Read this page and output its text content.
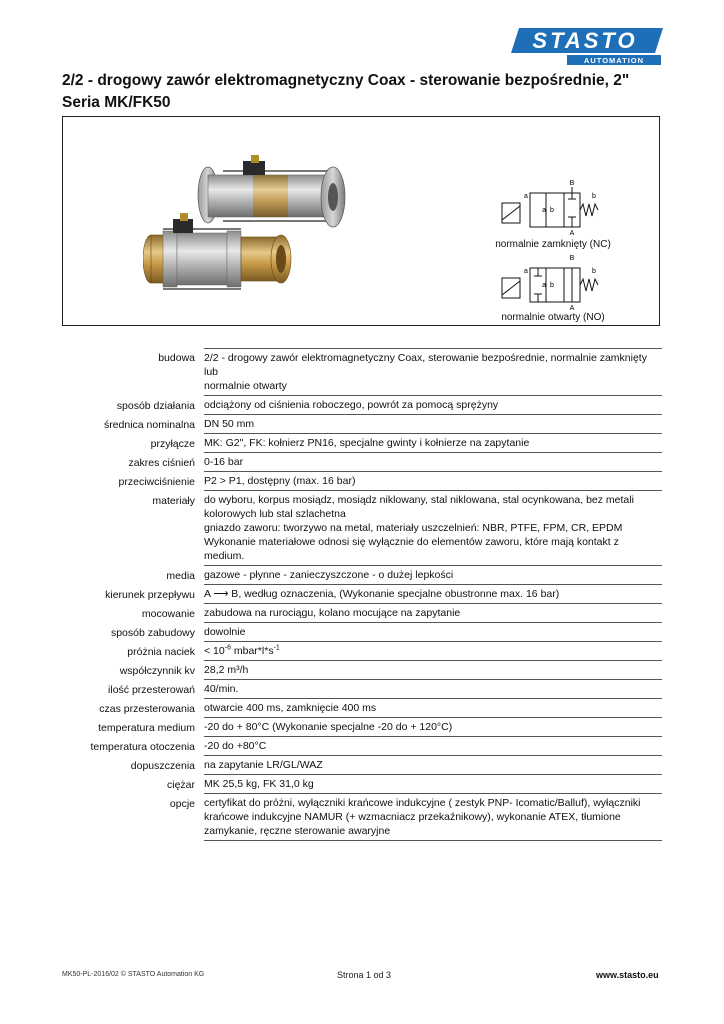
STASTO
AUTOMATION
2/2 - drogowy zawór elektromagnetyczny Coax - sterowanie bezpośrednie, 2"
Seria MK/FK50
B
A
a	b
a b
normalnie zamknięty (NC)
B
A
a	b
a b
normalnie otwarty (NO)
budowa 2/2 - drogowy zawór elektromagnetyczny Coax, sterowanie bezpośrednie, normalnie zamknięty lub
normalnie otwarty
sposób działania odciążony od ciśnienia roboczego, powrót za pomocą sprężyny
średnica nominalna DN 50 mm
przyłącze MK: G2", FK: kołnierz PN16, specjalne gwinty i kołnierze na zapytanie
zakres ciśnień 0-16 bar
przeciwciśnienie P2 > P1, dostępny (max. 16 bar)
materiały do wyboru, korpus mosiądz, mosiądz niklowany, stal niklowana, stal ocynkowana, bez metali
kolorowych lub stal szlachetna
gniazdo zaworu: tworzywo na metal, materiały uszczelnień: NBR, PTFE, FPM, CR, EPDM
Wykonanie materiałowe odnosi się wyłącznie do elementów zaworu, które mają kontakt z medium.
media gazowe - płynne - zanieczyszczone - o dużej lepkości
kierunek przepływu A ⟶ B, według oznaczenia, (Wykonanie specjalne obustronne max. 16 bar)
mocowanie zabudowa na rurociągu, kolano mocujące na zapytanie
sposób zabudowy dowolnie
próżnia naciek < $10^{-6}$ $mbar*l*s^{-1}$
współczynnik kv 28,2 m³/h
ilość przesterowań 40/min.
czas przesterowania otwarcie 400 ms, zamknięcie 400 ms
temperatura medium -20 do + 80°C (Wykonanie specjalne -20 do + 120°C)
temperatura otoczenia -20 do +80°C
dopuszczenia na zapytanie LR/GL/WAZ
ciężar MK 25,5 kg, FK 31,0 kg
opcje certyfikat do próżni, wyłączniki krańcowe indukcyjne ( zestyk PNP- Icomatic/Balluf), wyłączniki
krańcowe indukcyjne NAMUR (+ wzmacniacz przekaźnikowy), wykonanie ATEX, tłumione
zamykanie, ręczne sterowanie awaryjne
MK50-PL-2016/02 © STASTO Automation KG	Strona 1 od 3	www.stasto.eu
